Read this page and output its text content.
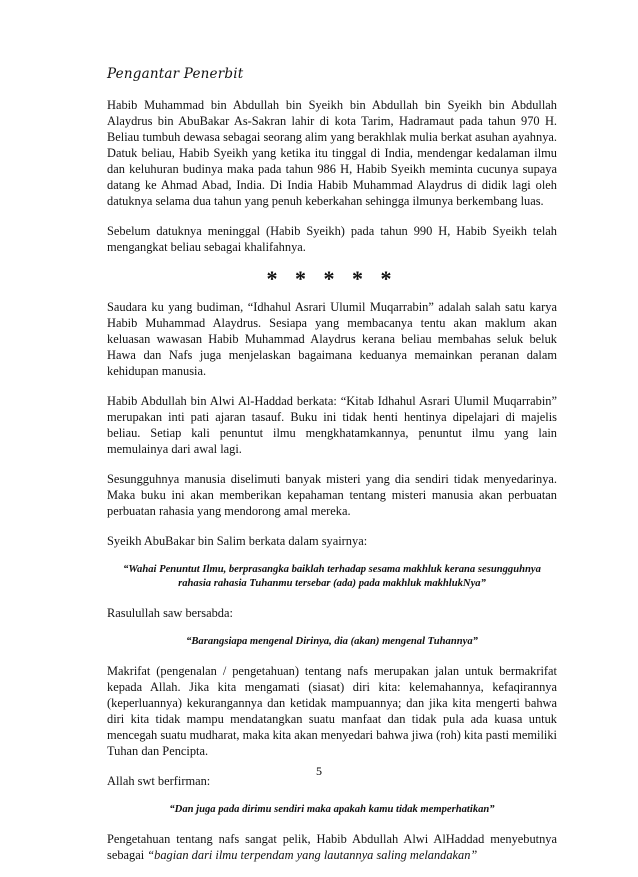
Pengantar Penerbit

Habib Muhammad bin Abdullah bin Syeikh bin Abdullah bin Syeikh bin Abdullah Alaydrus bin AbuBakar As-Sakran lahir di kota Tarim, Hadramaut pada tahun 970 H. Beliau tumbuh dewasa sebagai seorang alim yang berakhlak mulia berkat asuhan ayahnya. Datuk beliau, Habib Syeikh yang ketika itu tinggal di India, mendengar kedalaman ilmu dan keluhuran budinya maka pada tahun 986 H, Habib Syeikh meminta cucunya supaya datang ke Ahmad Abad, India. Di India Habib Muhammad Alaydrus di didik lagi oleh datuknya selama dua tahun yang penuh keberkahan sehingga ilmunya berkembang luas.

Sebelum datuknya meninggal (Habib Syeikh) pada tahun 990 H, Habib Syeikh telah mengangkat beliau sebagai khalifahnya.

* * * * *

Saudara ku yang budiman, “Idhahul Asrari Ulumil Muqarrabin” adalah salah satu karya Habib Muhammad Alaydrus. Sesiapa yang membacanya tentu akan maklum akan keluasan wawasan Habib Muhammad Alaydrus kerana beliau membahas seluk beluk Hawa dan Nafs juga menjelaskan bagaimana keduanya memainkan peranan dalam kehidupan manusia.

Habib Abdullah bin Alwi Al-Haddad berkata: “Kitab Idhahul Asrari Ulumil Muqarrabin” merupakan inti pati ajaran tasauf. Buku ini tidak henti hentinya dipelajari di majelis beliau. Setiap kali penuntut ilmu mengkhatamkannya, penuntut ilmu yang lain memulainya dari awal lagi.

Sesungguhnya manusia diselimuti banyak misteri yang dia sendiri tidak menyedarinya. Maka buku ini akan memberikan kepahaman tentang misteri manusia akan perbuatan perbuatan rahasia yang mendorong amal mereka.

Syeikh AbuBakar bin Salim berkata dalam syairnya:

“Wahai Penuntut Ilmu, berprasangka baiklah terhadap sesama makhluk kerana sesungguhnya rahasia rahasia Tuhanmu tersebar (ada) pada makhluk makhlukNya”

Rasulullah saw bersabda:

“Barangsiapa mengenal Dirinya, dia (akan) mengenal Tuhannya”

Makrifat (pengenalan / pengetahuan) tentang nafs merupakan jalan untuk bermakrifat kepada Allah. Jika kita mengamati (siasat) diri kita: kelemahannya, kefaqirannya (keperluannya) kekurangannya dan ketidak mampuannya; dan jika kita mengerti bahwa diri kita tidak mampu mendatangkan suatu manfaat dan tidak pula ada kuasa untuk mencegah suatu mudharat, maka kita akan menyedari bahwa jiwa (roh) kita pasti memiliki Tuhan dan Pencipta.

Allah swt berfirman:

“Dan juga pada dirimu sendiri maka apakah kamu tidak memperhatikan”

Pengetahuan tentang nafs sangat pelik, Habib Abdullah Alwi AlHaddad menyebutnya sebagai “bagian dari ilmu terpendam yang lautannya saling melandakan”

5
